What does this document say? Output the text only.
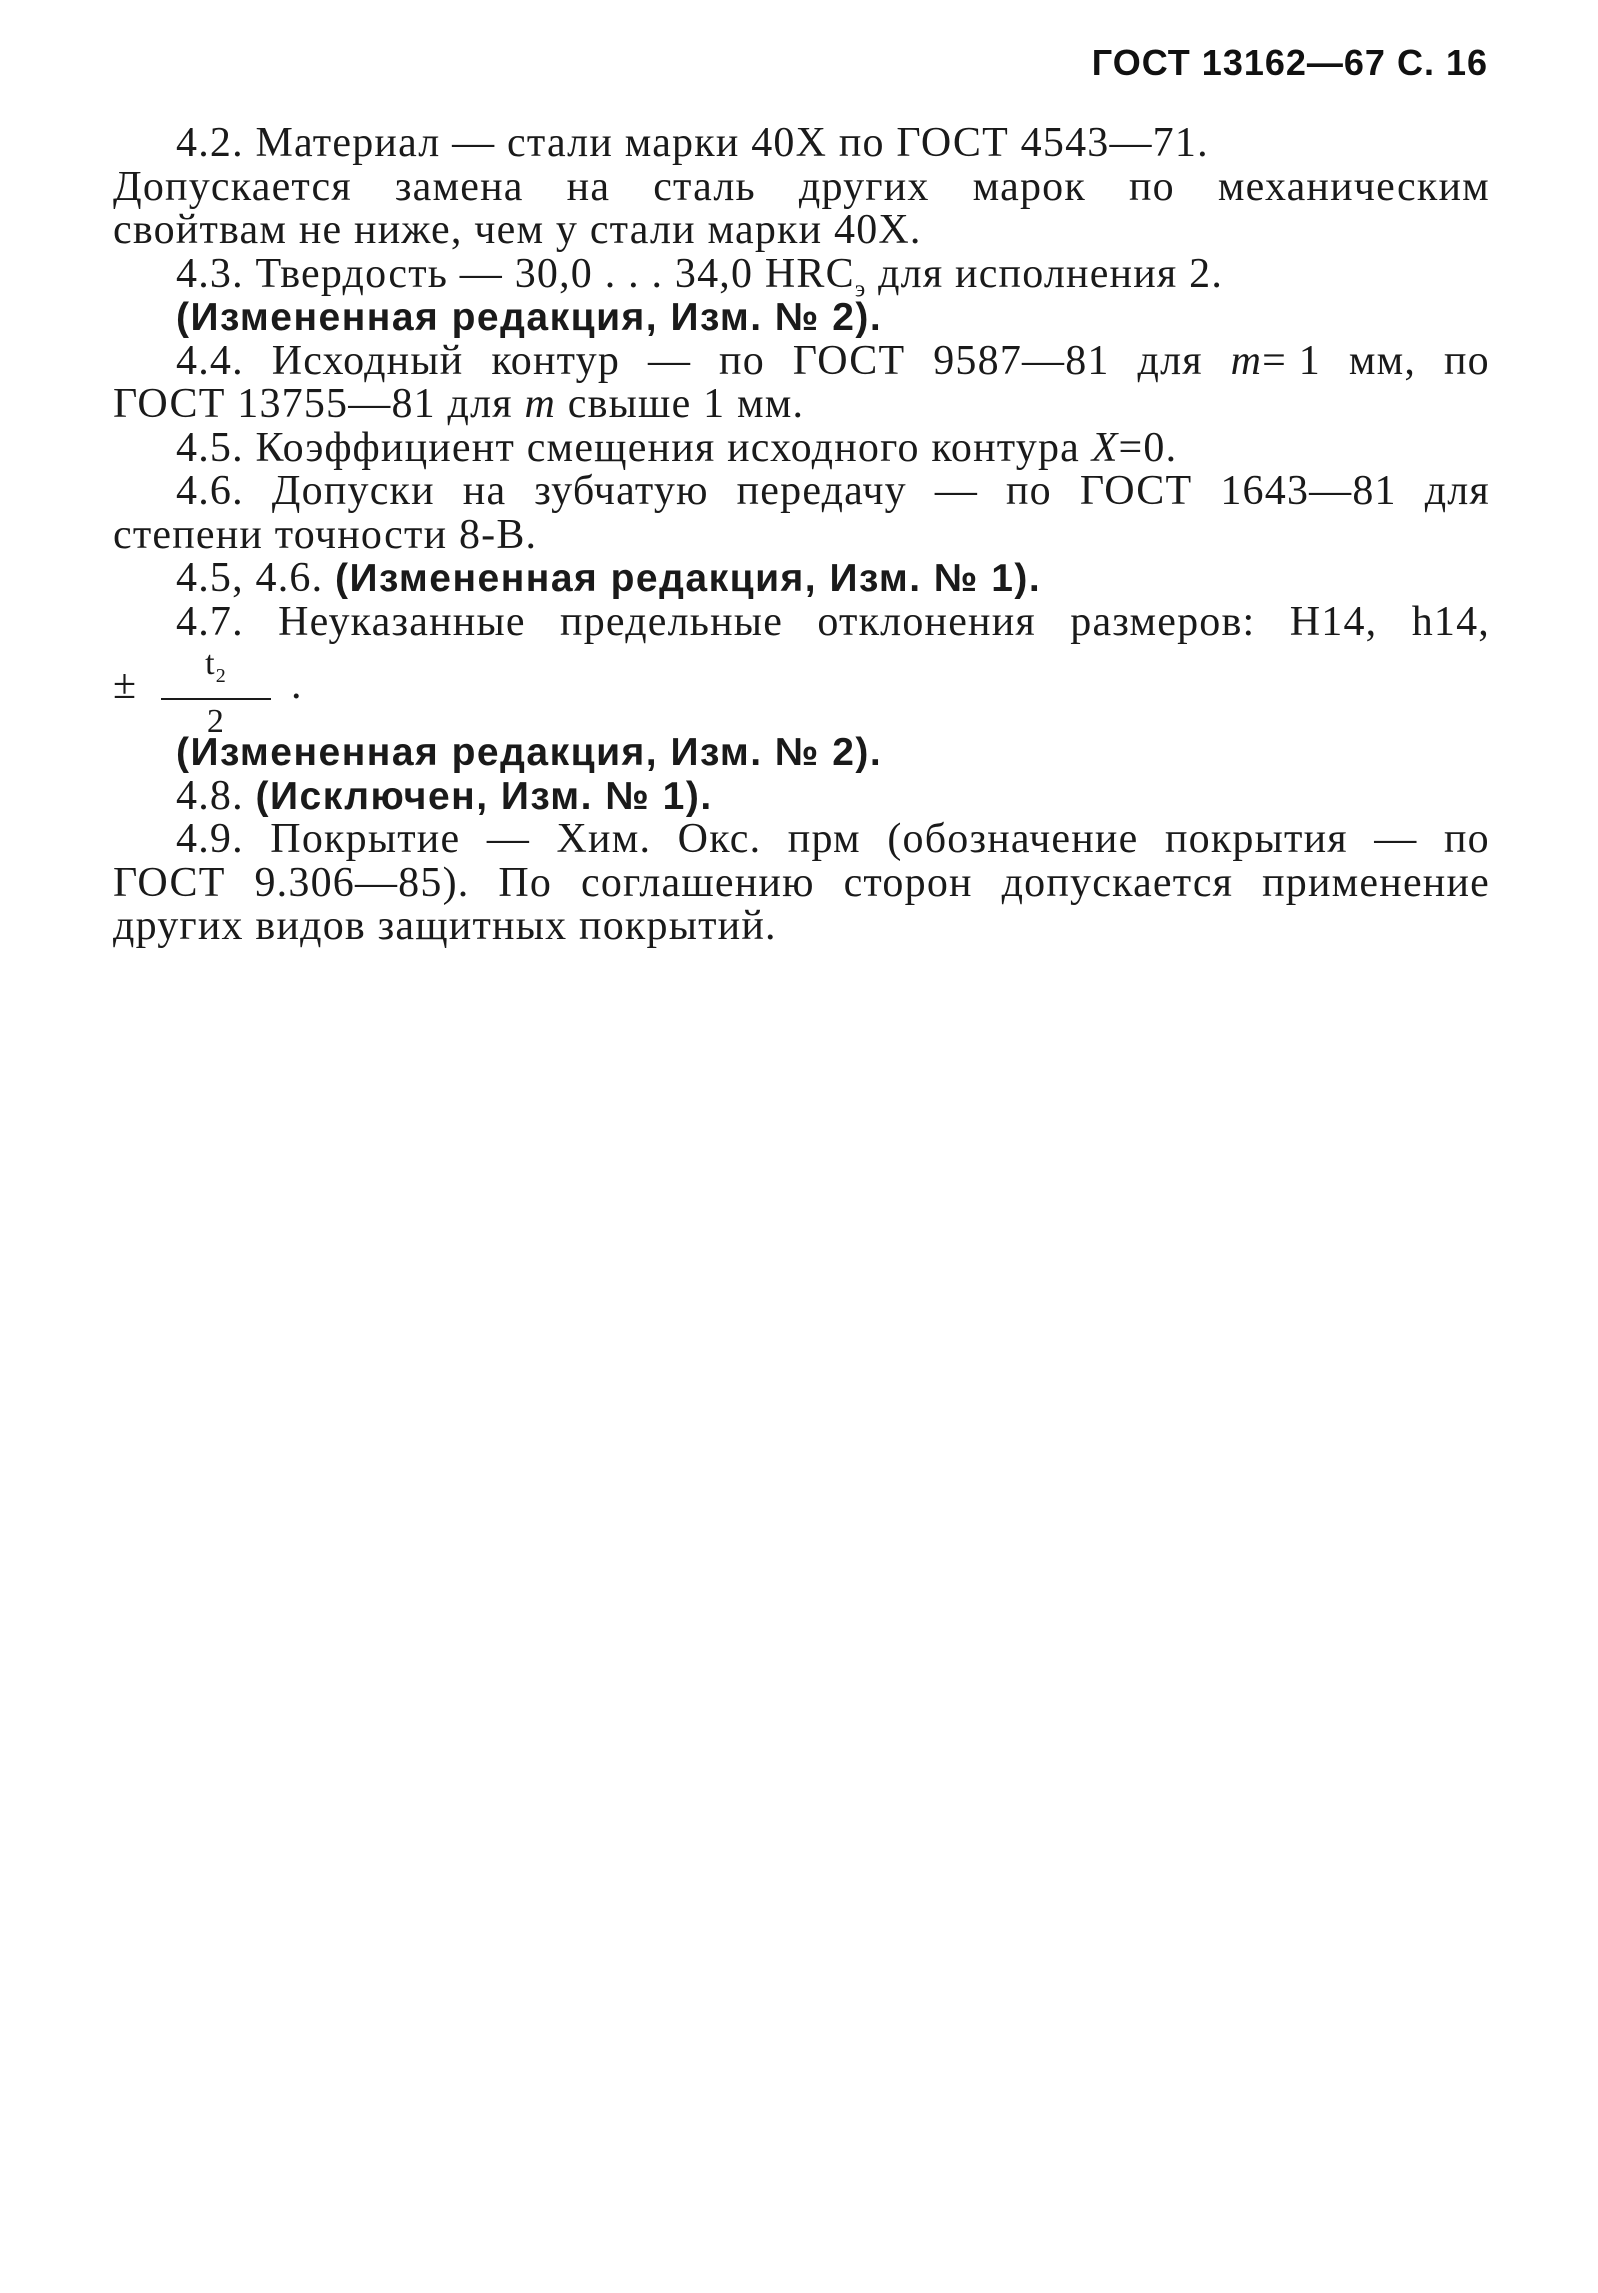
ГОСТ 13162—67 С. 16
4.2. Материал — стали марки 40Х по ГОСТ 4543—71.
Допускается замена на сталь других марок по механическим
свойтвам не ниже, чем у стали марки 40Х.
4.3. Твердость — 30,0 . . . 34,0 $HRC_э$ для исполнения 2.
(Измененная редакция, Изм. № 2).
4.4. Исходный контур — по ГОСТ 9587—81 для m= 1 мм, по
ГОСТ 13755—81 для m свыше 1 мм.
4.5. Коэффициент смещения исходного контура X=0.
4.6. Допуски на зубчатую передачу — по ГОСТ 1643—81 для
степени точности 8-В.
4.5, 4.6. (Измененная редакция, Изм. № 1).
4.7. Неуказанные предельные отклонения размеров: Н14, h14,
± $\frac{t_2}{2}$ .
(Измененная редакция, Изм. № 2).
4.8. (Исключен, Изм. № 1).
4.9. Покрытие — Хим. Окс. прм (обозначение покрытия — по
ГОСТ 9.306—85). По соглашению сторон допускается применение
других видов защитных покрытий.
